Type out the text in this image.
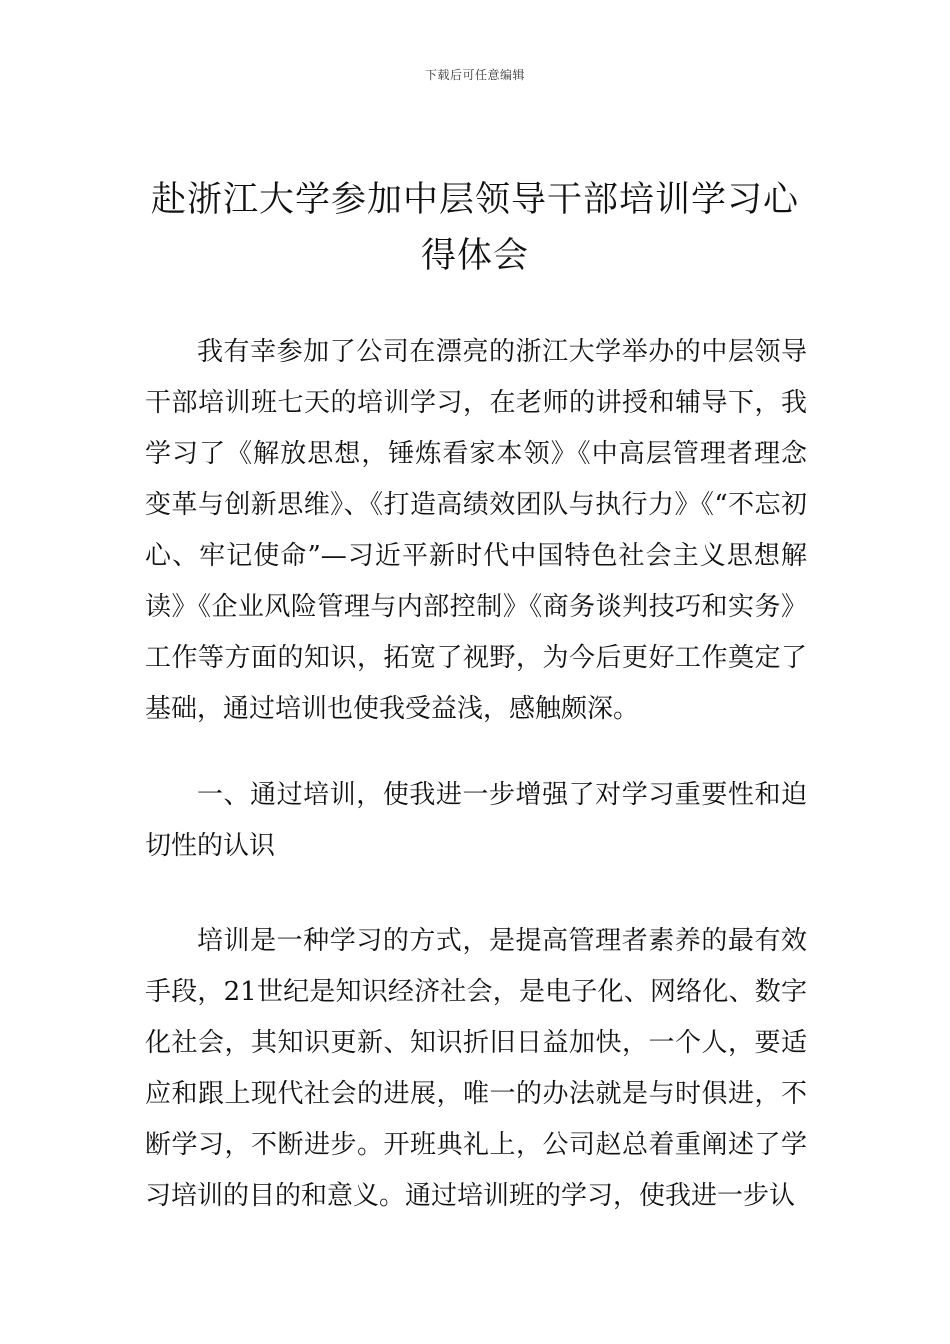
下载后可任意编辑
赴浙江大学参加中层领导干部培训学习心得体会

我有幸参加了公司在漂亮的浙江大学举办的中层领导干部培训班七天的培训学习，在老师的讲授和辅导下，我学习了《解放思想，锤炼看家本领》《中高层管理者理念变革与创新思维》、《打造高绩效团队与执行力》《“不忘初心、牢记使命”—习近平新时代中国特色社会主义思想解读》《企业风险管理与内部控制》《商务谈判技巧和实务》工作等方面的知识，拓宽了视野，为今后更好工作奠定了基础，通过培训也使我受益浅，感触颇深。

一、通过培训，使我进一步增强了对学习重要性和迫切性的认识

培训是一种学习的方式，是提高管理者素养的最有效手段，21世纪是知识经济社会，是电子化、网络化、数字化社会，其知识更新、知识折旧日益加快，一个人，要适应和跟上现代社会的进展，唯一的办法就是与时俱进，不断学习，不断进步。开班典礼上，公司赵总着重阐述了学习培训的目的和意义。通过培训班的学习，使我进一步认
